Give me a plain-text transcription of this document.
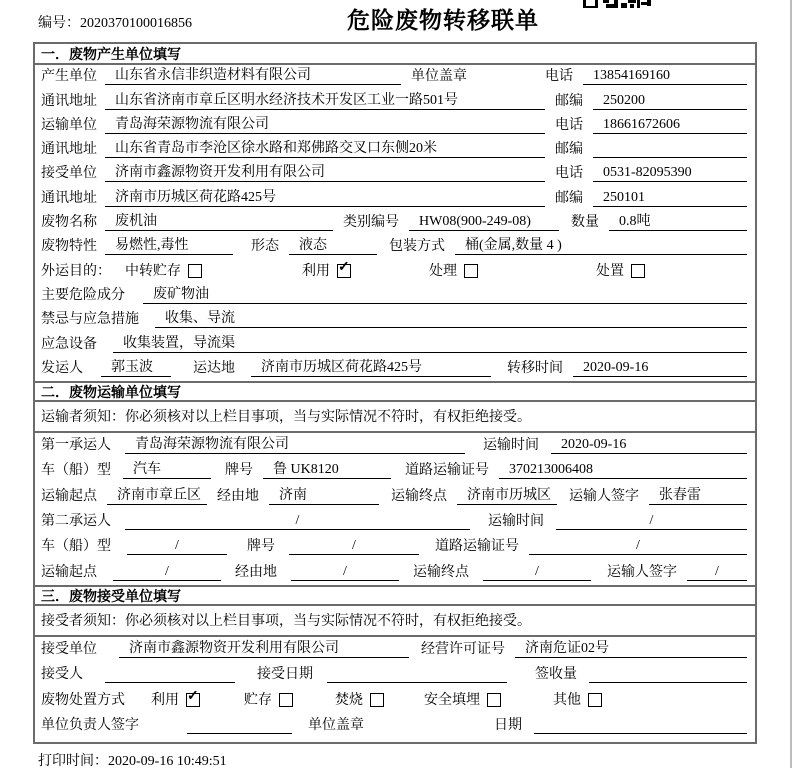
编号：2020370100016856	危险废物转移联单
一．废物产生单位填写
产生单位	山东省永信非织造材料有限公司	单位盖章	电话	13854169160
通讯地址	山东省济南市章丘区明水经济技术开发区工业一路501号	邮编	250200
运输单位	青岛海荣源物流有限公司	电话	18661672606
通讯地址	山东省青岛市李沧区徐水路和郑佛路交叉口东侧20米	邮编
接受单位	济南市鑫源物资开发利用有限公司	电话	0531-82095390
通讯地址	济南市历城区荷花路425号	邮编	250101
废物名称	废机油	类别编号	HW08(900-249-08)	数量	0.8吨
废物特性	易燃性,毒性	形态	液态	包装方式	桶(金属,数量 4 )
外运目的： 中转贮存	利用 ✓	处理	处置
主要危险成分	废矿物油
禁忌与应急措施	收集、导流
应急设备	收集装置，导流渠
发运人	郭玉波	运达地	济南市历城区荷花路425号	转移时间	2020-09-16
二．废物运输单位填写
运输者须知：你必须核对以上栏目事项，当与实际情况不符时，有权拒绝接受。
第一承运人	青岛海荣源物流有限公司	运输时间	2020-09-16
车（船）型	汽车	牌号	鲁 UK8120	道路运输证号	370213006408
运输起点	济南市章丘区	经由地	济南	运输终点	济南市历城区	运输人签字	张春雷
第二承运人	/	运输时间	/
车（船）型	/	牌号	/	道路运输证号	/
运输起点	/	经由地	/	运输终点	/	运输人签字	/
三．废物接受单位填写
接受者须知：你必须核对以上栏目事项，当与实际情况不符时，有权拒绝接受。
接受单位	济南市鑫源物资开发利用有限公司	经营许可证号	济南危证02号
接受人	接受日期	签收量
废物处置方式 利用 ✓	贮存	焚烧	安全填埋	其他
单位负责人签字	单位盖章	日期
打印时间：2020-09-16 10:49:51
